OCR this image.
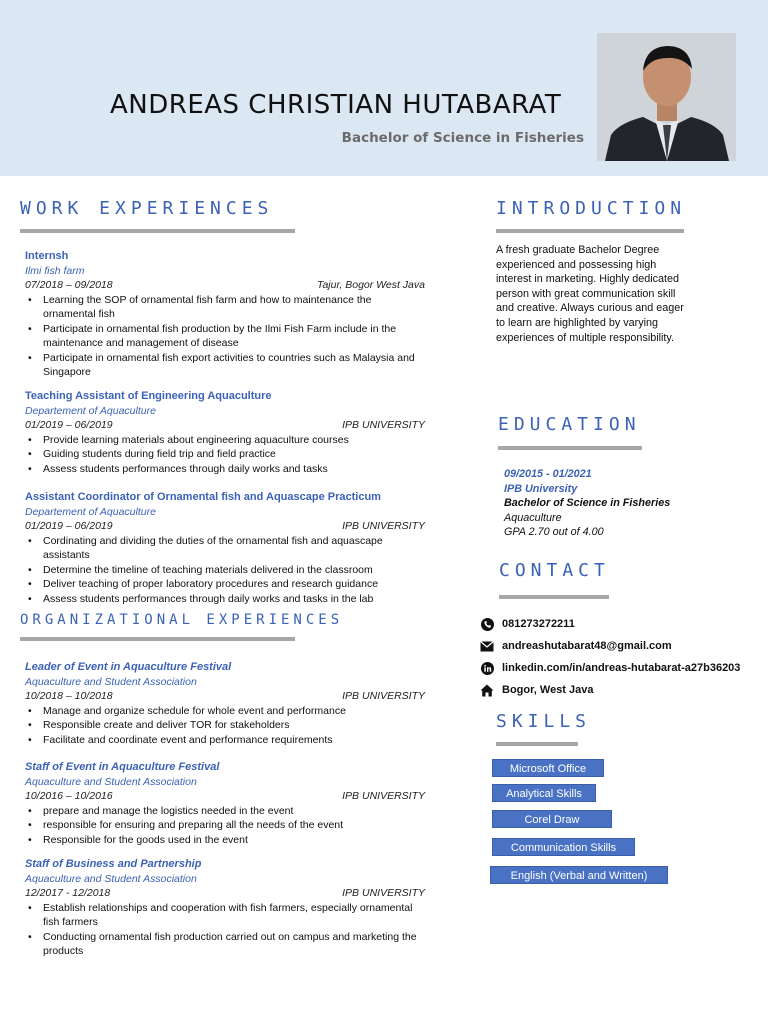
ANDREAS CHRISTIAN HUTABARAT
Bachelor of Science in Fisheries
WORK EXPERIENCES
Internsh
Ilmi fish farm
07/2018 – 09/2018	Tajur, Bogor West Java
• Learning the SOP of ornamental fish farm and how to maintenance the ornamental fish
• Participate in ornamental fish production by the Ilmi Fish Farm include in the maintenance and management of disease
• Participate in ornamental fish export activities to countries such as Malaysia and Singapore
Teaching Assistant of Engineering Aquaculture
Departement of Aquaculture
01/2019 – 06/2019	IPB UNIVERSITY
• Provide learning materials about engineering aquaculture courses
• Guiding students during field trip and field practice
• Assess students performances through daily works and tasks
Assistant Coordinator of Ornamental fish and Aquascape Practicum
Departement of Aquaculture
01/2019 – 06/2019	IPB UNIVERSITY
• Cordinating and dividing the duties of the ornamental fish and aquascape assistants
• Determine the timeline of teaching materials delivered in the classroom
• Deliver teaching of proper laboratory procedures and research guidance
• Assess students performances through daily works and tasks in the lab
ORGANIZATIONAL EXPERIENCES
Leader of Event in Aquaculture Festival
Aquaculture and Student Association
10/2018 – 10/2018	IPB UNIVERSITY
• Manage and organize schedule for whole event and performance
• Responsible create and deliver TOR for stakeholders
• Facilitate and coordinate event and performance requirements
Staff of Event in Aquaculture Festival
Aquaculture and Student Association
10/2016 – 10/2016	IPB UNIVERSITY
• prepare and manage the logistics needed in the event
• responsible for ensuring and preparing all the needs of the event
• Responsible for the goods used in the event
Staff of Business and Partnership
Aquaculture and Student Association
12/2017 - 12/2018	IPB UNIVERSITY
• Establish relationships and cooperation with fish farmers, especially ornamental fish farmers
• Conducting ornamental fish production carried out on campus and marketing the products
INTRODUCTION
A fresh graduate Bachelor Degree experienced and possessing high interest in marketing. Highly dedicated person with great communication skill and creative. Always curious and eager to learn are highlighted by varying experiences of multiple responsibility.
EDUCATION
09/2015 - 01/2021
IPB University
Bachelor of Science in Fisheries
Aquaculture
GPA 2.70 out of 4.00
CONTACT
081273272211
andreashutabarat48@gmail.com
linkedin.com/in/andreas-hutabarat-a27b36203
Bogor, West Java
SKILLS
Microsoft Office
Analytical Skills
Corel Draw
Communication Skills
English (Verbal and Written)
